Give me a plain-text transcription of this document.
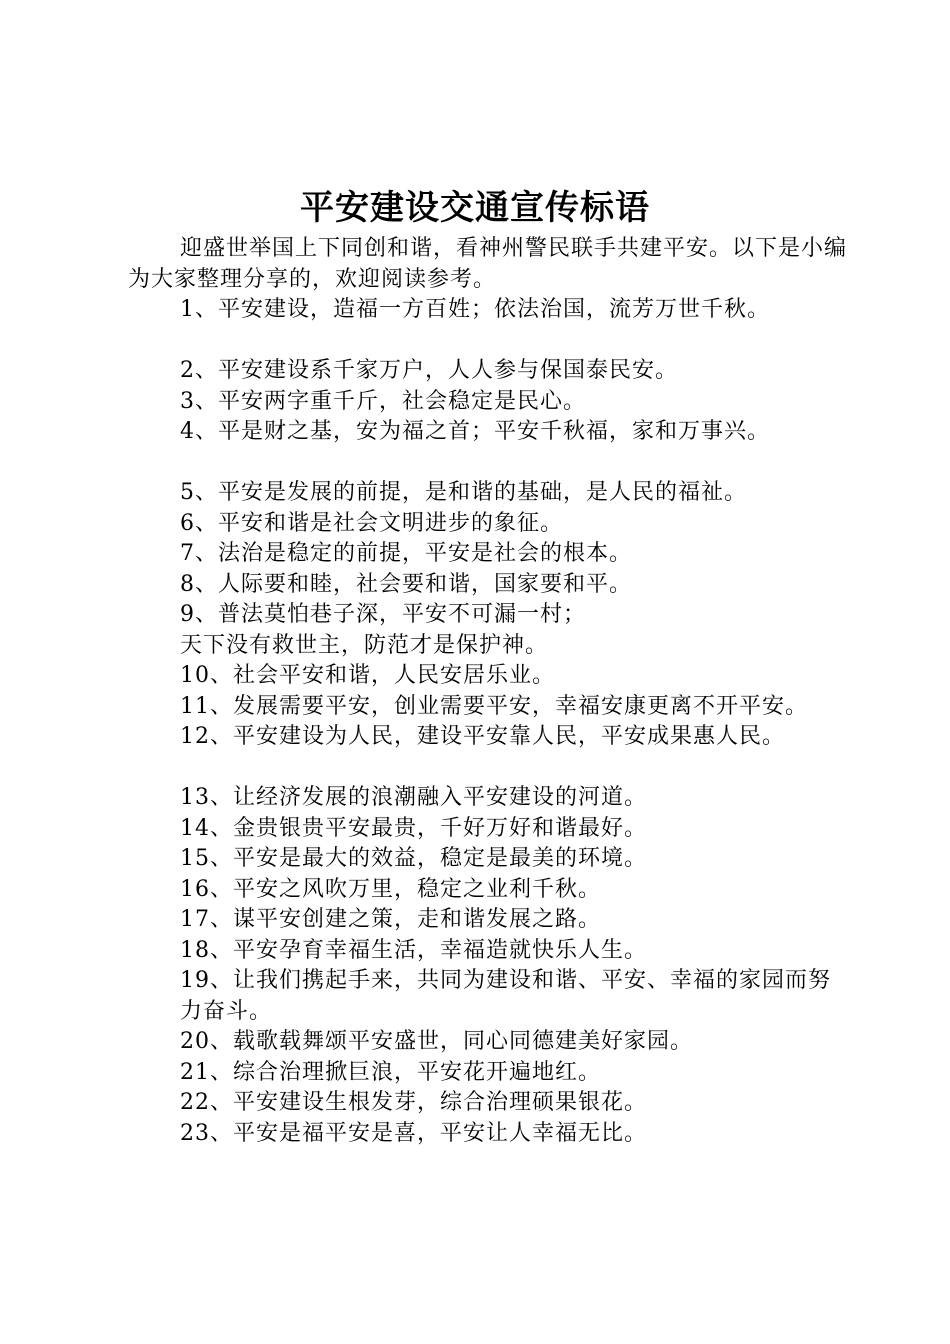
平安建设交通宣传标语

迎盛世举国上下同创和谐，看神州警民联手共建平安。以下是小编为大家整理分享的，欢迎阅读参考。

1、平安建设，造福一方百姓；依法治国，流芳万世千秋。

2、平安建设系千家万户，人人参与保国泰民安。

3、平安两字重千斤，社会稳定是民心。

4、平是财之基，安为福之首；平安千秋福，家和万事兴。

5、平安是发展的前提，是和谐的基础，是人民的福祉。

6、平安和谐是社会文明进步的象征。

7、法治是稳定的前提，平安是社会的根本。

8、人际要和睦，社会要和谐，国家要和平。

9、普法莫怕巷子深，平安不可漏一村；

天下没有救世主，防范才是保护神。

10、社会平安和谐，人民安居乐业。

11、发展需要平安，创业需要平安，幸福安康更离不开平安。

12、平安建设为人民，建设平安靠人民，平安成果惠人民。

13、让经济发展的浪潮融入平安建设的河道。

14、金贵银贵平安最贵，千好万好和谐最好。

15、平安是最大的效益，稳定是最美的环境。

16、平安之风吹万里，稳定之业利千秋。

17、谋平安创建之策，走和谐发展之路。

18、平安孕育幸福生活，幸福造就快乐人生。

19、让我们携起手来，共同为建设和谐、平安、幸福的家园而努力奋斗。

20、载歌载舞颂平安盛世，同心同德建美好家园。

21、综合治理掀巨浪，平安花开遍地红。

22、平安建设生根发芽，综合治理硕果银花。

23、平安是福平安是喜，平安让人幸福无比。
